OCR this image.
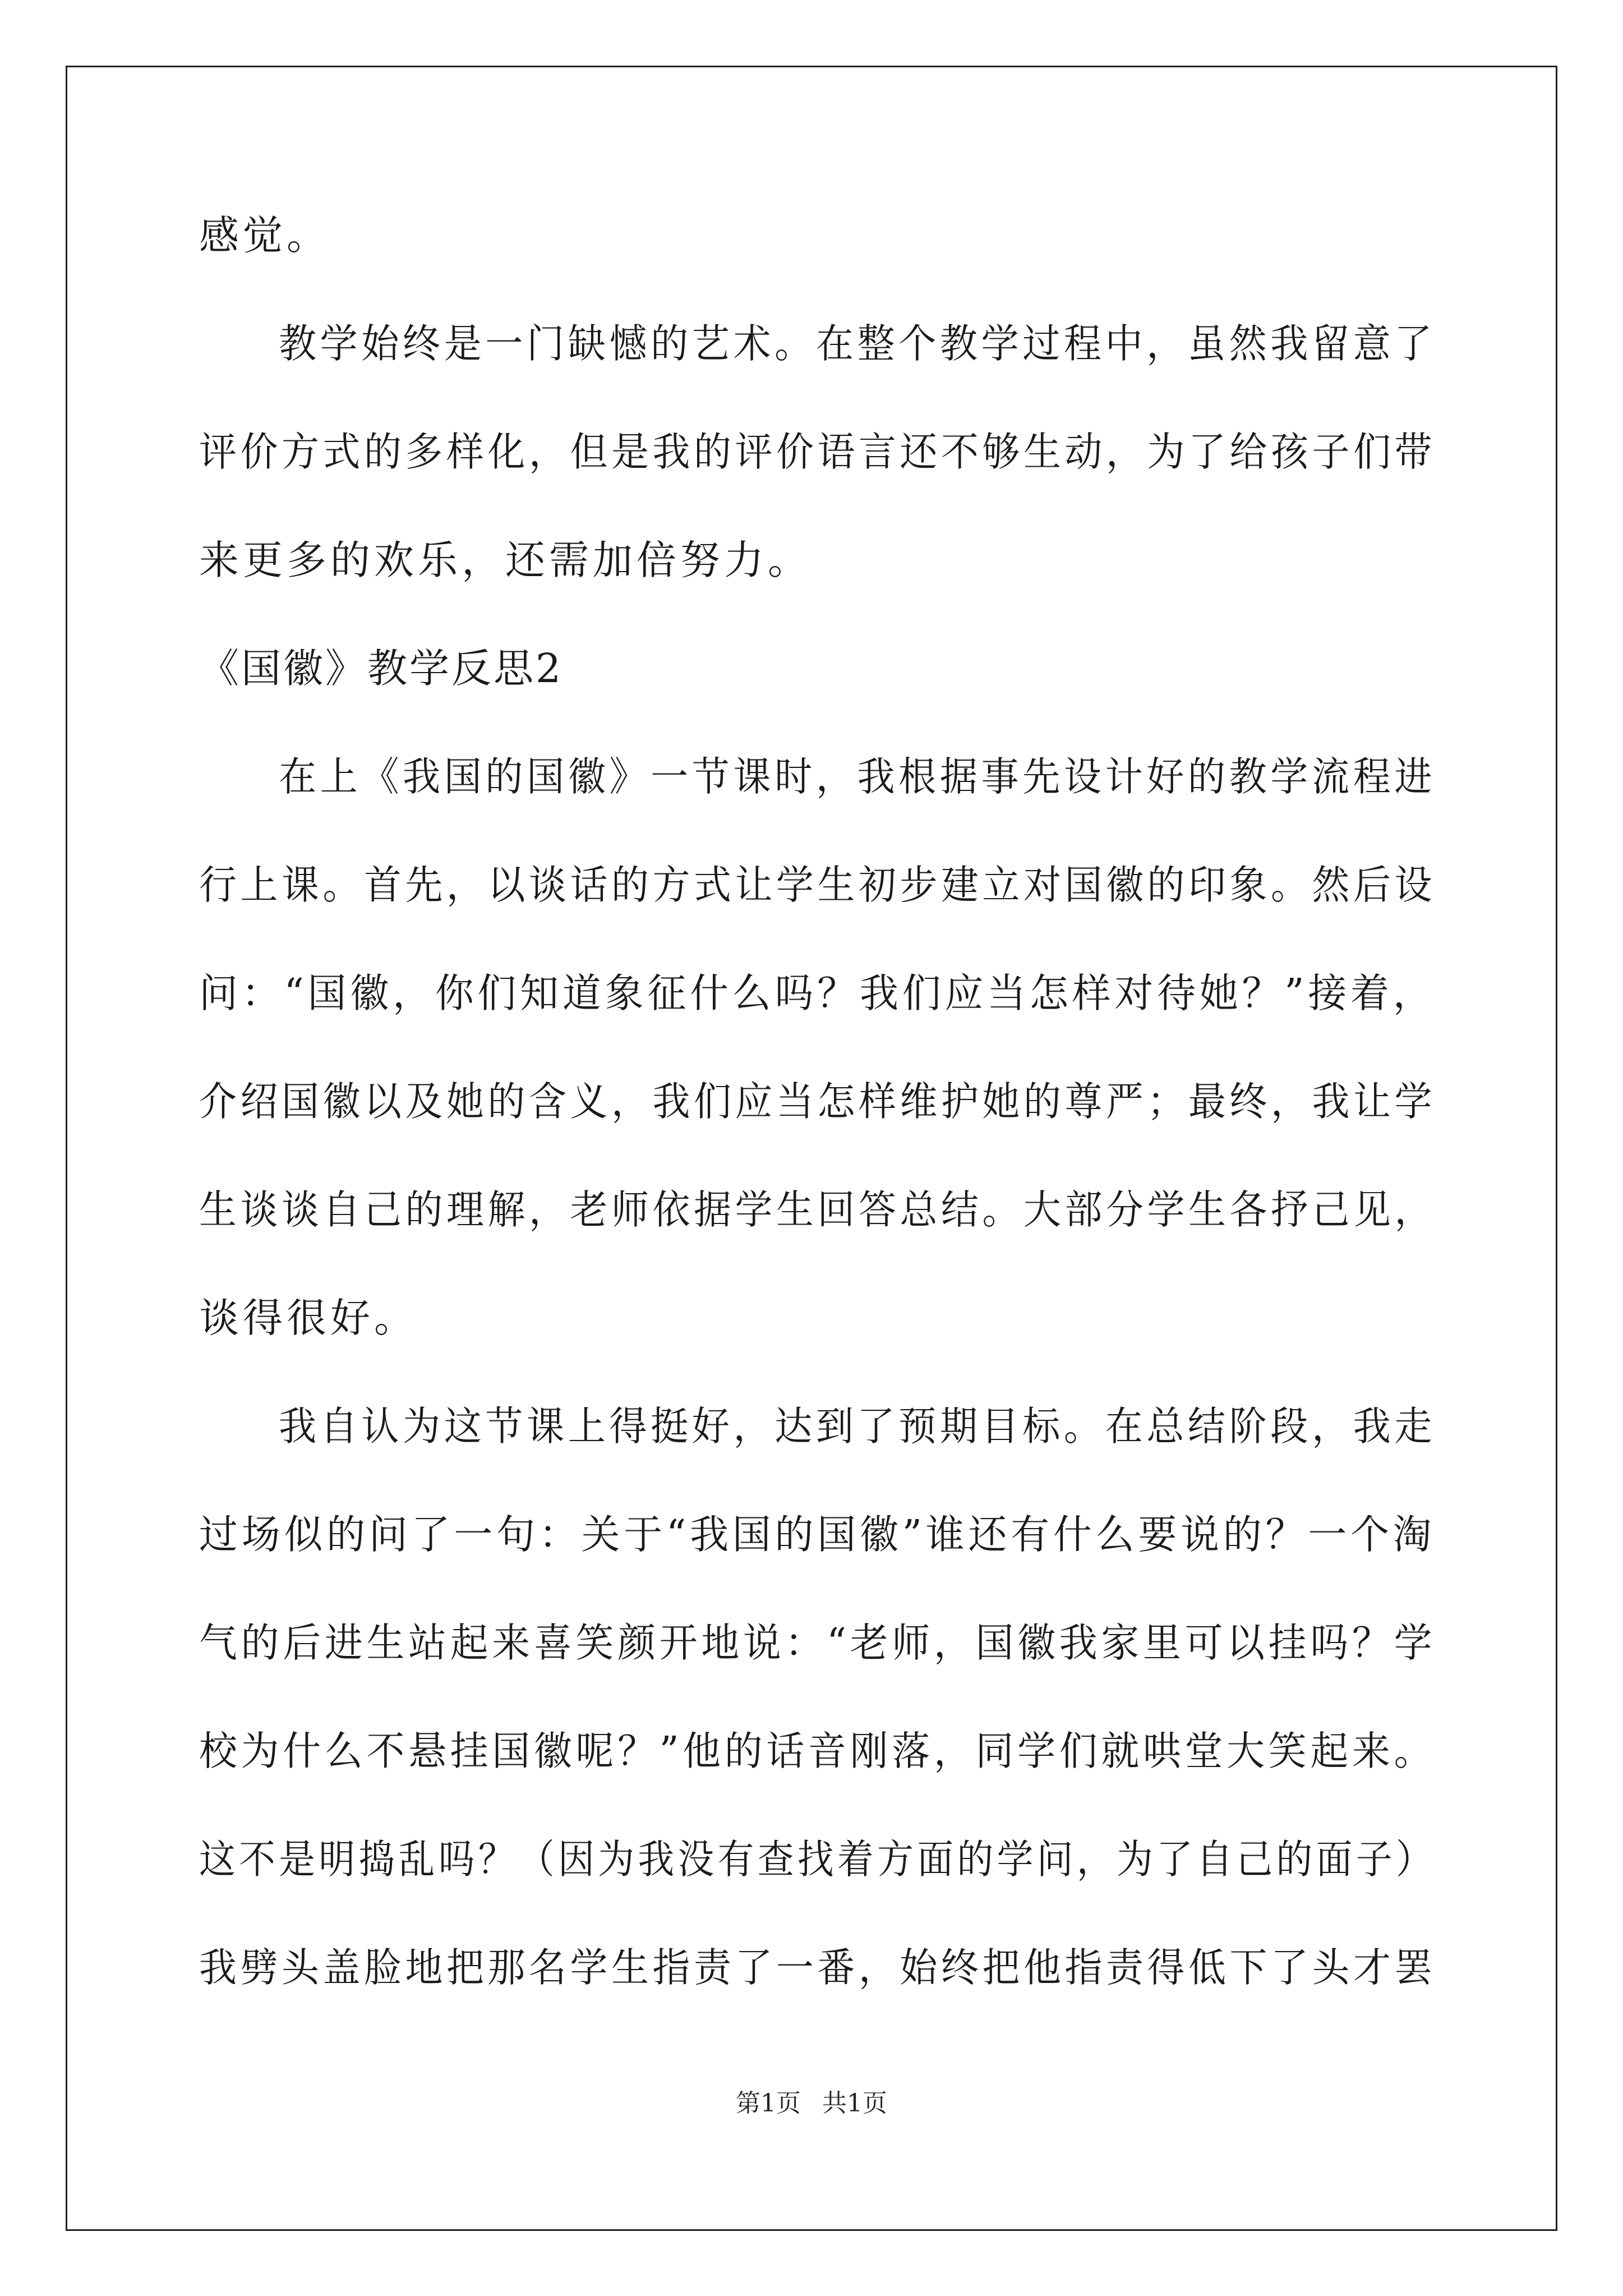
感觉。
教学始终是一门缺憾的艺术。在整个教学过程中，虽然我留意了
评价方式的多样化，但是我的评价语言还不够生动，为了给孩子们带
来更多的欢乐，还需加倍努力。
《国徽》教学反思2
在上《我国的国徽》一节课时，我根据事先设计好的教学流程进
行上课。首先，以谈话的方式让学生初步建立对国徽的印象。然后设
问：“国徽，你们知道象征什么吗？我们应当怎样对待她？”接着，
介绍国徽以及她的含义，我们应当怎样维护她的尊严；最终，我让学
生谈谈自己的理解，老师依据学生回答总结。大部分学生各抒己见，
谈得很好。
我自认为这节课上得挺好，达到了预期目标。在总结阶段，我走
过场似的问了一句：关于“我国的国徽”谁还有什么要说的？一个淘
气的后进生站起来喜笑颜开地说：“老师，国徽我家里可以挂吗？学
校为什么不悬挂国徽呢？”他的话音刚落，同学们就哄堂大笑起来。
这不是明捣乱吗？（因为我没有查找着方面的学问，为了自己的面子）
我劈头盖脸地把那名学生指责了一番，始终把他指责得低下了头才罢
第1页 共1页
